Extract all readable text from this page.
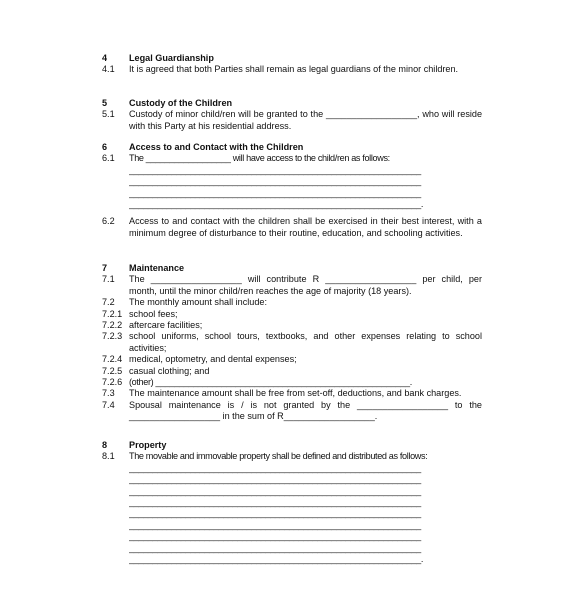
4	Legal Guardianship
4.1	It is agreed that both Parties shall remain as legal guardians of the minor children.
5	Custody of the Children
5.1	Custody of minor child/ren will be granted to the __________________, who will reside with this Party at his residential address.
6	Access to and Contact with the Children
6.1	The __________________ will have access to the child/ren as follows:
______________________________________________________________
______________________________________________________________
______________________________________________________________
______________________________________________________________.
6.2	Access to and contact with the children shall be exercised in their best interest, with a minimum degree of disturbance to their routine, education, and schooling activities.
7	Maintenance
7.1	The __________________ will contribute R __________________ per child, per month, until the minor child/ren reaches the age of majority (18 years).
7.2	The monthly amount shall include:
7.2.1 school fees;
7.2.2 aftercare facilities;
7.2.3 school uniforms, school tours, textbooks, and other expenses relating to school activities;
7.2.4 medical, optometry, and dental expenses;
7.2.5 casual clothing; and
7.2.6 (other) ______________________________________________________.
7.3	The maintenance amount shall be free from set-off, deductions, and bank charges.
7.4	Spousal maintenance is / is not granted by the __________________ to the __________________ in the sum of R__________________.
8	Property
8.1	The movable and immovable property shall be defined and distributed as follows:
______________________________________________________________
______________________________________________________________
______________________________________________________________
______________________________________________________________
______________________________________________________________
______________________________________________________________
______________________________________________________________
______________________________________________________________
______________________________________________________________.
